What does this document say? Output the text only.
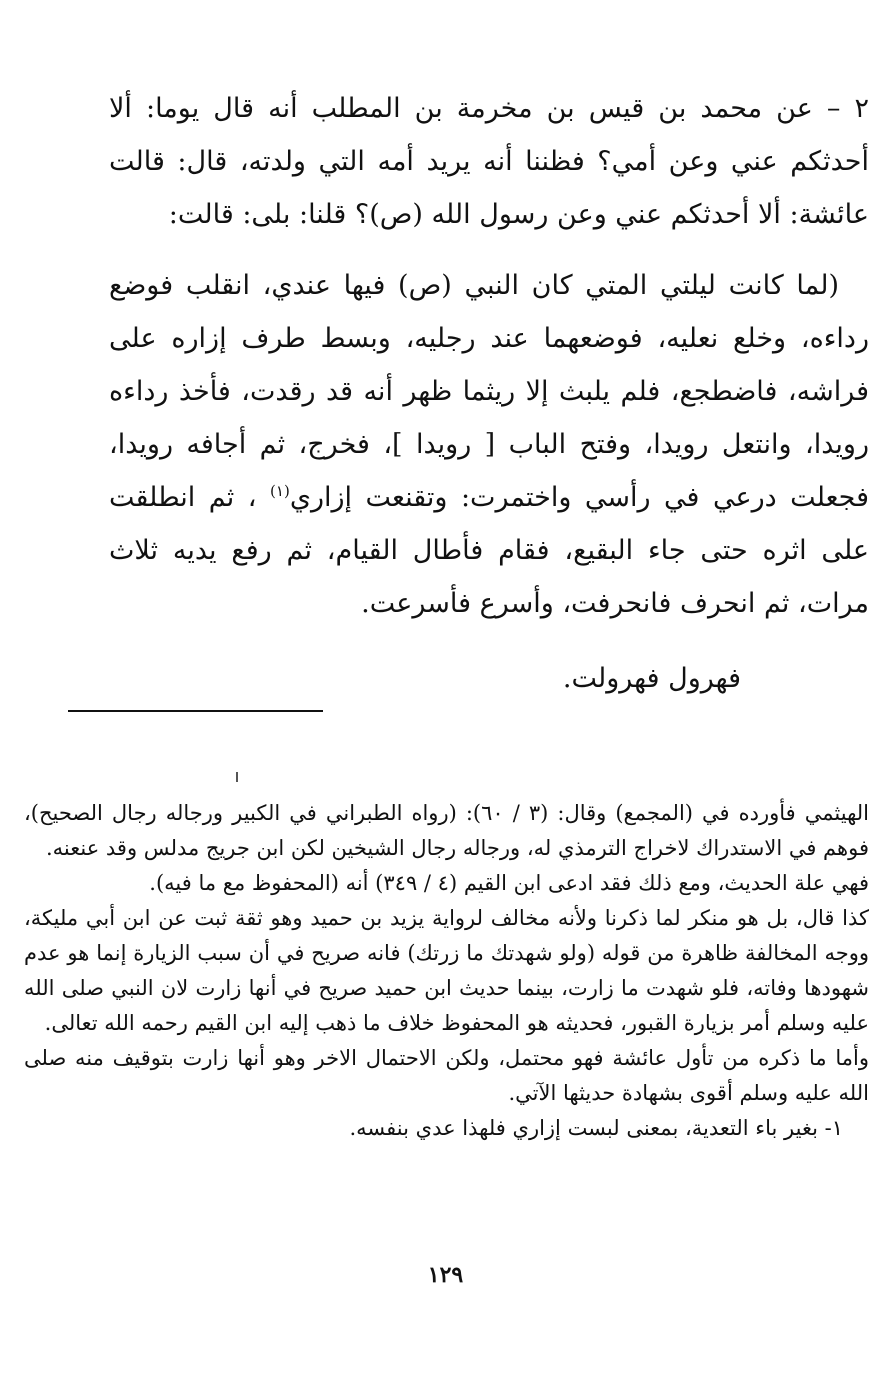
٢ – عن محمد بن قيس بن مخرمة بن المطلب أنه قال يوما: ألا أحدثكم عني وعن أمي؟ فظننا أنه يريد أمه التي ولدته، قال: قالت عائشة: ألا أحدثكم عني وعن رسول الله (ص)؟ قلنا: بلى: قالت:

(لما كانت ليلتي المتي كان النبي (ص) فيها عندي، انقلب فوضع رداءه، وخلع نعليه، فوضعهما عند رجليه، وبسط طرف إزاره على فراشه، فاضطجع، فلم يلبث إلا ريثما ظهر أنه قد رقدت، فأخذ رداءه رويدا، وانتعل رويدا، وفتح الباب [ رويدا ]، فخرج، ثم أجافه رويدا، فجعلت درعي في رأسي واختمرت: وتقنعت إزاري$^{(١)}$ ، ثم انطلقت على اثره حتى جاء البقيع، فقام فأطال القيام، ثم رفع يديه ثلاث مرات، ثم انحرف فانحرفت، وأسرع فأسرعت.

فهرول فهرولت.

الهيثمي فأورده في (المجمع) وقال: (٣ / ٦٠): (رواه الطبراني في الكبير ورجاله رجال الصحيح)، فوهم في الاستدراك لاخراج الترمذي له، ورجاله رجال الشيخين لكن ابن جريج مدلس وقد عنعنه.

فهي علة الحديث، ومع ذلك فقد ادعى ابن القيم (٤ / ٣٤٩) أنه (المحفوظ مع ما فيه).

كذا قال، بل هو منكر لما ذكرنا ولأنه مخالف لرواية يزيد بن حميد وهو ثقة ثبت عن ابن أبي مليكة، ووجه المخالفة ظاهرة من قوله (ولو شهدتك ما زرتك) فانه صريح في أن سبب الزيارة إنما هو عدم شهودها وفاته، فلو شهدت ما زارت، بينما حديث ابن حميد صريح في أنها زارت لان النبي صلى الله عليه وسلم أمر بزيارة القبور، فحديثه هو المحفوظ خلاف ما ذهب إليه ابن القيم رحمه الله تعالى.

وأما ما ذكره من تأول عائشة فهو محتمل، ولكن الاحتمال الاخر وهو أنها زارت بتوقيف منه صلى الله عليه وسلم أقوى بشهادة حديثها الآتي.

١- بغير باء التعدية، بمعنى لبست إزاري فلهذا عدي بنفسه.

١٢٩
